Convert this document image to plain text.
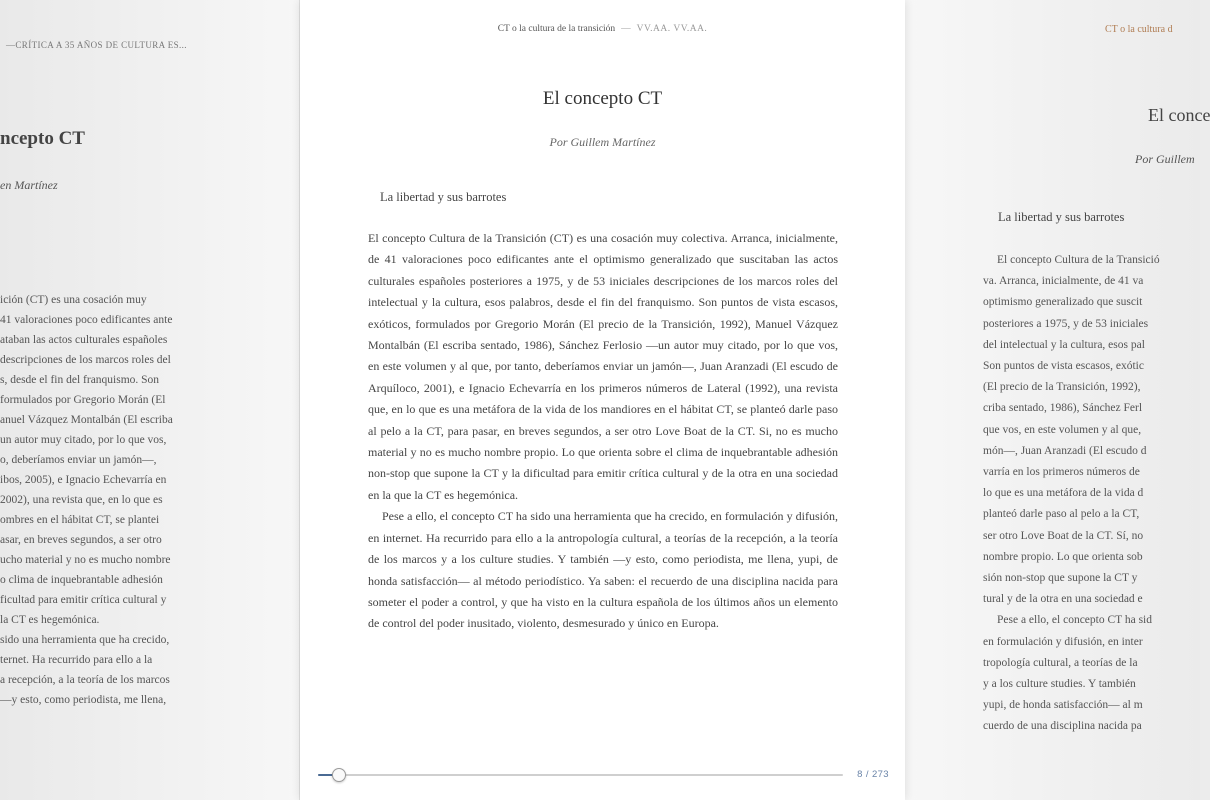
—CRÍTICA A 35 AÑOS DE CULTURA ES...
ncepto CT
en Martínez

ición (CT) es una cosación muy

41 valoraciones poco edificantes ante

ataban las actos culturales españoles

descripciones de los marcos roles del

s, desde el fin del franquismo. Son

formulados por Gregorio Morán (El

anuel Vázquez Montalbán (El escriba

un autor muy citado, por lo que vos,

o, deberíamos enviar un jamón—,

ibos, 2005), e Ignacio Echevarría en

2002), una revista que, en lo que es

ombres en el hábitat CT, se plantei

asar, en breves segundos, a ser otro

ucho material y no es mucho nombre

o clima de inquebrantable adhesión

ficultad para emitir crítica cultural y

la CT es hegemónica.

sido una herramienta que ha crecido,

ternet. Ha recurrido para ello a la

a recepción, a la teoría de los marcos

—y esto, como periodista, me llena,

CT o la cultura de la transición — VV.AA. VV.AA.
El concepto CT
Por Guillem Martínez
La libertad y sus barrotes

El concepto Cultura de la Transición (CT) es una cosación muy colectiva. Arranca, inicialmente, de 41 valoraciones poco edificantes ante el optimismo generalizado que suscitaban las actos culturales españoles posteriores a 1975, y de 53 iniciales descripciones de los marcos roles del intelectual y la cultura, esos palabros, desde el fin del franquismo. Son puntos de vista escasos, exóticos, formulados por Gregorio Morán (El precio de la Transición, 1992), Manuel Vázquez Montalbán (El escriba sentado, 1986), Sánchez Ferlosio —un autor muy citado, por lo que vos, en este volumen y al que, por tanto, deberíamos enviar un jamón—, Juan Aranzadi (El escudo de Arquíloco, 2001), e Ignacio Echevarría en los primeros números de Lateral (1992), una revista que, en lo que es una metáfora de la vida de los mandiores en el hábitat CT, se planteó darle paso al pelo a la CT, para pasar, en breves segundos, a ser otro Love Boat de la CT. Si, no es mucho material y no es mucho nombre propio. Lo que orienta sobre el clima de inquebrantable adhesión non-stop que supone la CT y la dificultad para emitir crítica cultural y de la otra en una sociedad en la que la CT es hegemónica.

Pese a ello, el concepto CT ha sido una herramienta que ha crecido, en formulación y difusión, en internet. Ha recurrido para ello a la antropología cultural, a teorías de la recepción, a la teoría de los marcos y a los culture studies. Y también —y esto, como periodista, me llena, yupi, de honda satisfacción— al método periodístico. Ya saben: el recuerdo de una disciplina nacida para someter el poder a control, y que ha visto en la cultura española de los últimos años un elemento de control del poder inusitado, violento, desmesurado y único en Europa.

8 / 273
CT o la cultura d
El conce
Por Guillem
La libertad y sus barrotes

El concepto Cultura de la Transició

va. Arranca, inicialmente, de 41 va

optimismo generalizado que suscit

posteriores a 1975, y de 53 iniciales

del intelectual y la cultura, esos pal

Son puntos de vista escasos, exótic

(El precio de la Transición, 1992),

criba sentado, 1986), Sánchez Ferl

que vos, en este volumen y al que,

món—, Juan Aranzadi (El escudo d

varría en los primeros números de

lo que es una metáfora de la vida d

planteó darle paso al pelo a la CT,

ser otro Love Boat de la CT. Sí, no

nombre propio. Lo que orienta sob

sión non-stop que supone la CT y

tural y de la otra en una sociedad e

Pese a ello, el concepto CT ha sid

en formulación y difusión, en inter

tropología cultural, a teorías de la

y a los culture studies. Y también

yupi, de honda satisfacción— al m

cuerdo de una disciplina nacida pa
